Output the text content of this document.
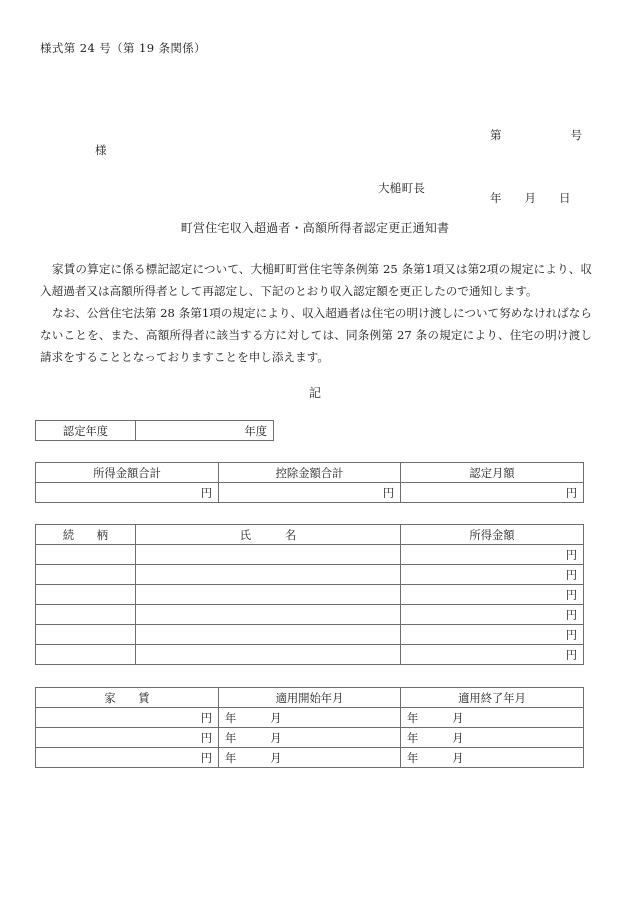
様式第 24 号（第 19 条関係）

第　　　　　　号

年　　月　　日

様
大槌町長
町営住宅収入超過者・高額所得者認定更正通知書

家賃の算定に係る標記認定について、大槌町町営住宅等条例第 25 条第1項又は第2項の規定により、収入超過者又は高額所得者として再認定し、下記のとおり収入認定額を更正したので通知します。

なお、公営住宅法第 28 条第1項の規定により、収入超過者は住宅の明け渡しについて努めなければならないことを、また、高額所得者に該当する方に対しては、同条例第 27 条の規定により、住宅の明け渡し請求をすることとなっておりますことを申し添えます。

記
認定年度	年度
所得金額合計	控除金額合計	認定月額
円	円	円
続　　柄	氏　　　名	所得金額
		円
		円
		円
		円
		円
		円
家　　賃	適用開始年月	適用終了年月
円	年　　　月	年　　　月
円	年　　　月	年　　　月
円	年　　　月	年　　　月
